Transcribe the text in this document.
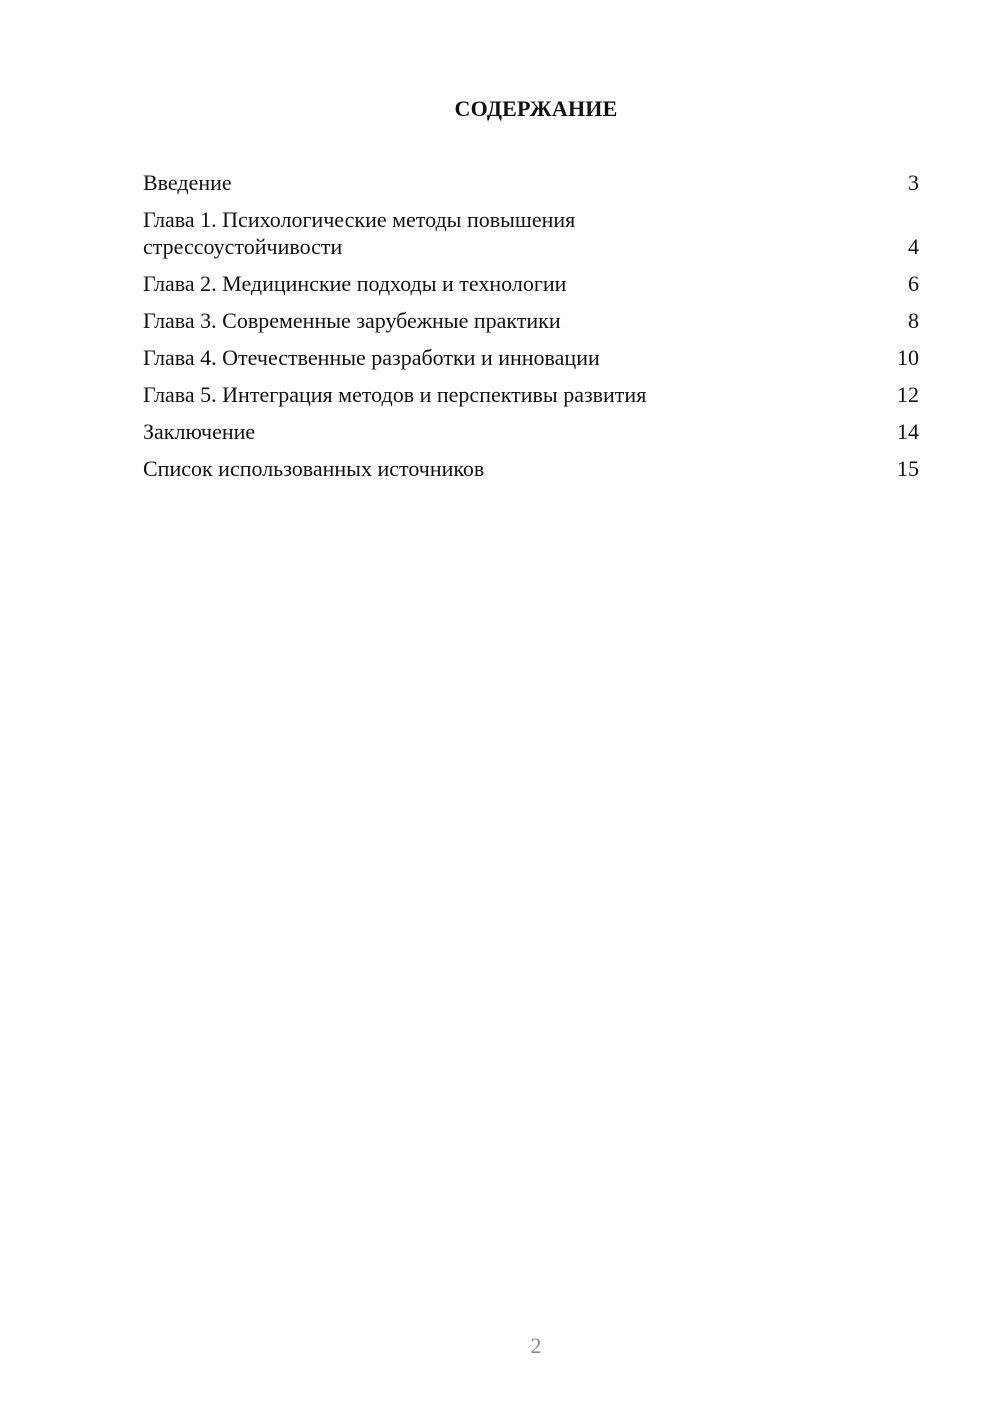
СОДЕРЖАНИЕ
Введение	3
Глава 1. Психологические методы повышения стрессоустойчивости	4
Глава 2. Медицинские подходы и технологии	6
Глава 3. Современные зарубежные практики	8
Глава 4. Отечественные разработки и инновации	10
Глава 5. Интеграция методов и перспективы развития	12
Заключение	14
Список использованных источников	15
2
